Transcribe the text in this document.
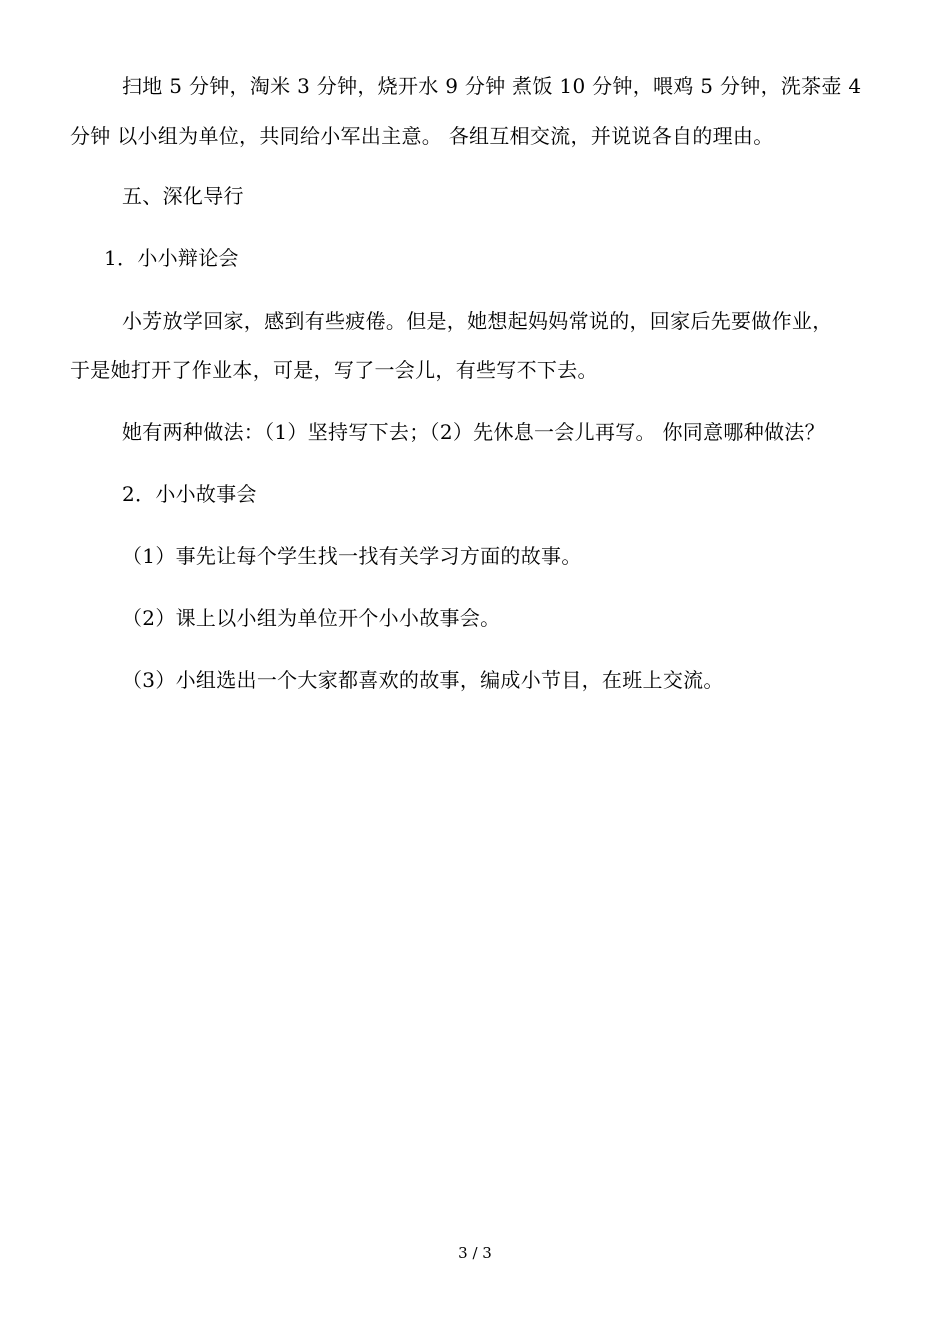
扫地 5 分钟，淘米 3 分钟，烧开水 9 分钟 煮饭 10 分钟，喂鸡 5 分钟，洗茶壶 4
分钟 以小组为单位，共同给小军出主意。 各组互相交流，并说说各自的理由。
五、深化导行
1．小小辩论会
小芳放学回家，感到有些疲倦。但是，她想起妈妈常说的，回家后先要做作业，
于是她打开了作业本，可是，写了一会儿，有些写不下去。
她有两种做法：（1）坚持写下去；（2）先休息一会儿再写。 你同意哪种做法？
2．小小故事会
（1）事先让每个学生找一找有关学习方面的故事。
（2）课上以小组为单位开个小小故事会。
（3）小组选出一个大家都喜欢的故事，编成小节目，在班上交流。
3 / 3
